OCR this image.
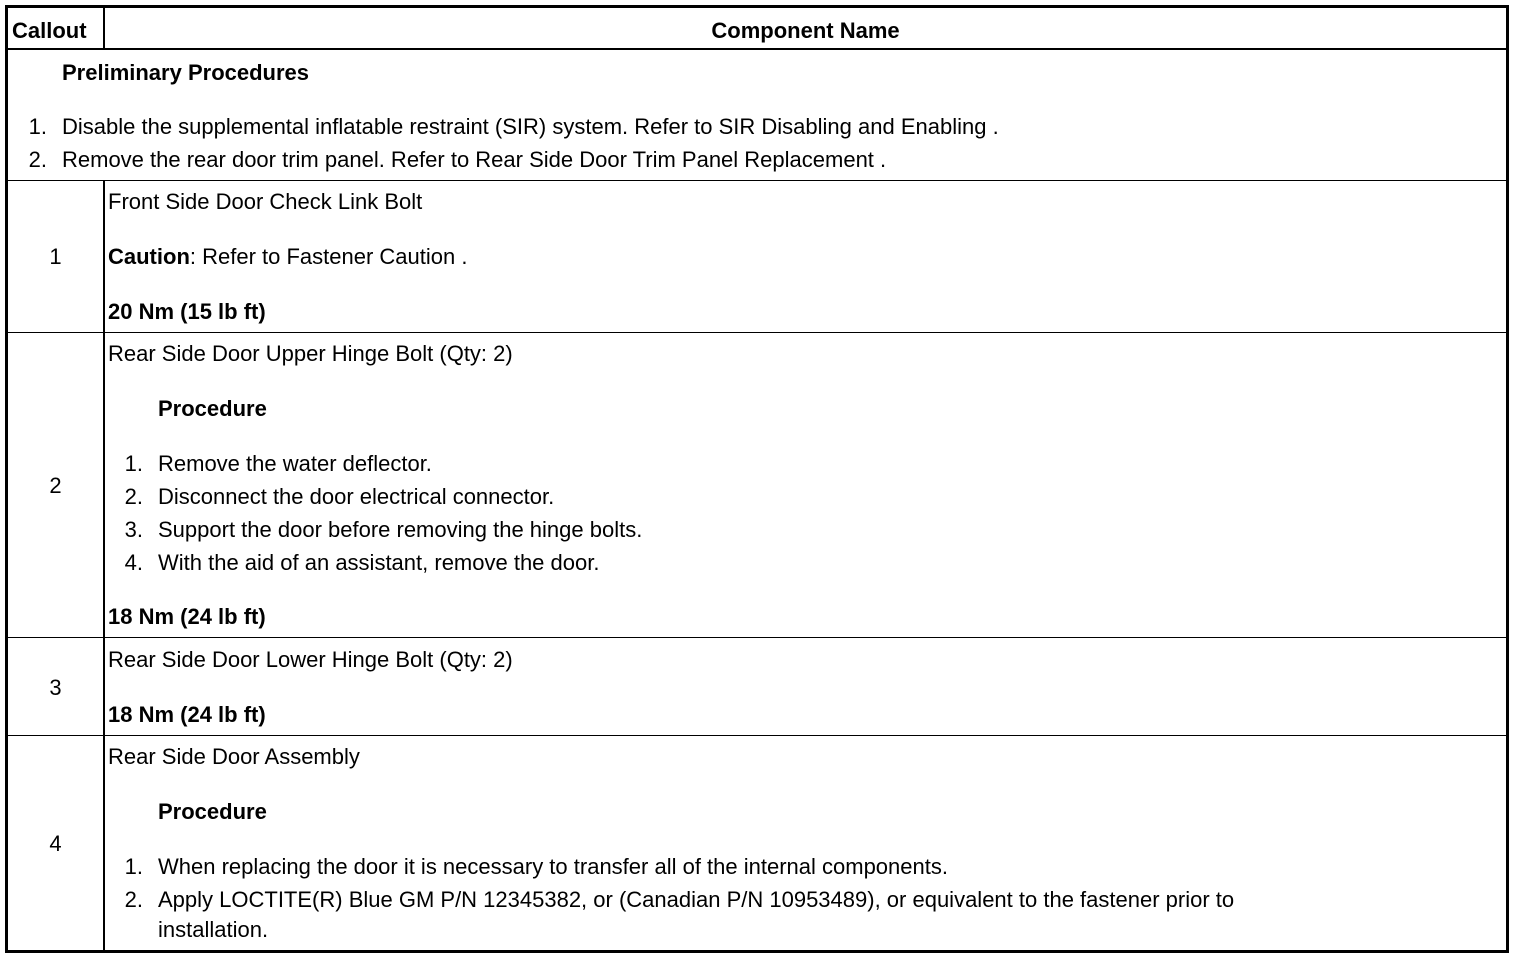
Callout	Component Name
Preliminary Procedures
1. Disable the supplemental inflatable restraint (SIR) system. Refer to SIR Disabling and Enabling .
2. Remove the rear door trim panel. Refer to Rear Side Door Trim Panel Replacement .
1
Front Side Door Check Link Bolt
Caution: Refer to Fastener Caution .
20 Nm (15 lb ft)
2
Rear Side Door Upper Hinge Bolt (Qty: 2)
Procedure
1. Remove the water deflector.
2. Disconnect the door electrical connector.
3. Support the door before removing the hinge bolts.
4. With the aid of an assistant, remove the door.
18 Nm (24 lb ft)
3
Rear Side Door Lower Hinge Bolt (Qty: 2)
18 Nm (24 lb ft)
4
Rear Side Door Assembly
Procedure
1. When replacing the door it is necessary to transfer all of the internal components.
2. Apply LOCTITE(R) Blue GM P/N 12345382, or (Canadian P/N 10953489), or equivalent to the fastener prior to
installation.
